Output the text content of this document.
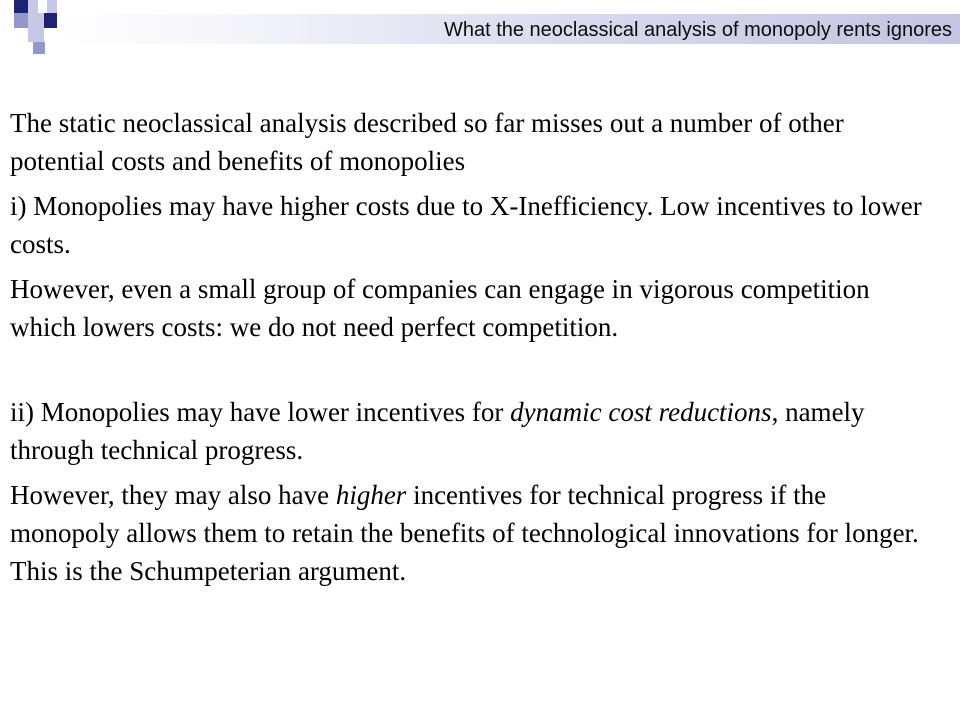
What the neoclassical analysis of monopoly rents ignores

The static neoclassical analysis described so far misses out a number of other potential costs and benefits of monopolies

i) Monopolies may have higher costs due to X-Inefficiency. Low incentives to lower costs.

However, even a small group of companies can engage in vigorous competition which lowers costs: we do not need perfect competition.

ii) Monopolies may have lower incentives for dynamic cost reductions, namely through technical progress.

However, they may also have higher incentives for technical progress if the monopoly allows them to retain the benefits of technological innovations for longer. This is the Schumpeterian argument.
